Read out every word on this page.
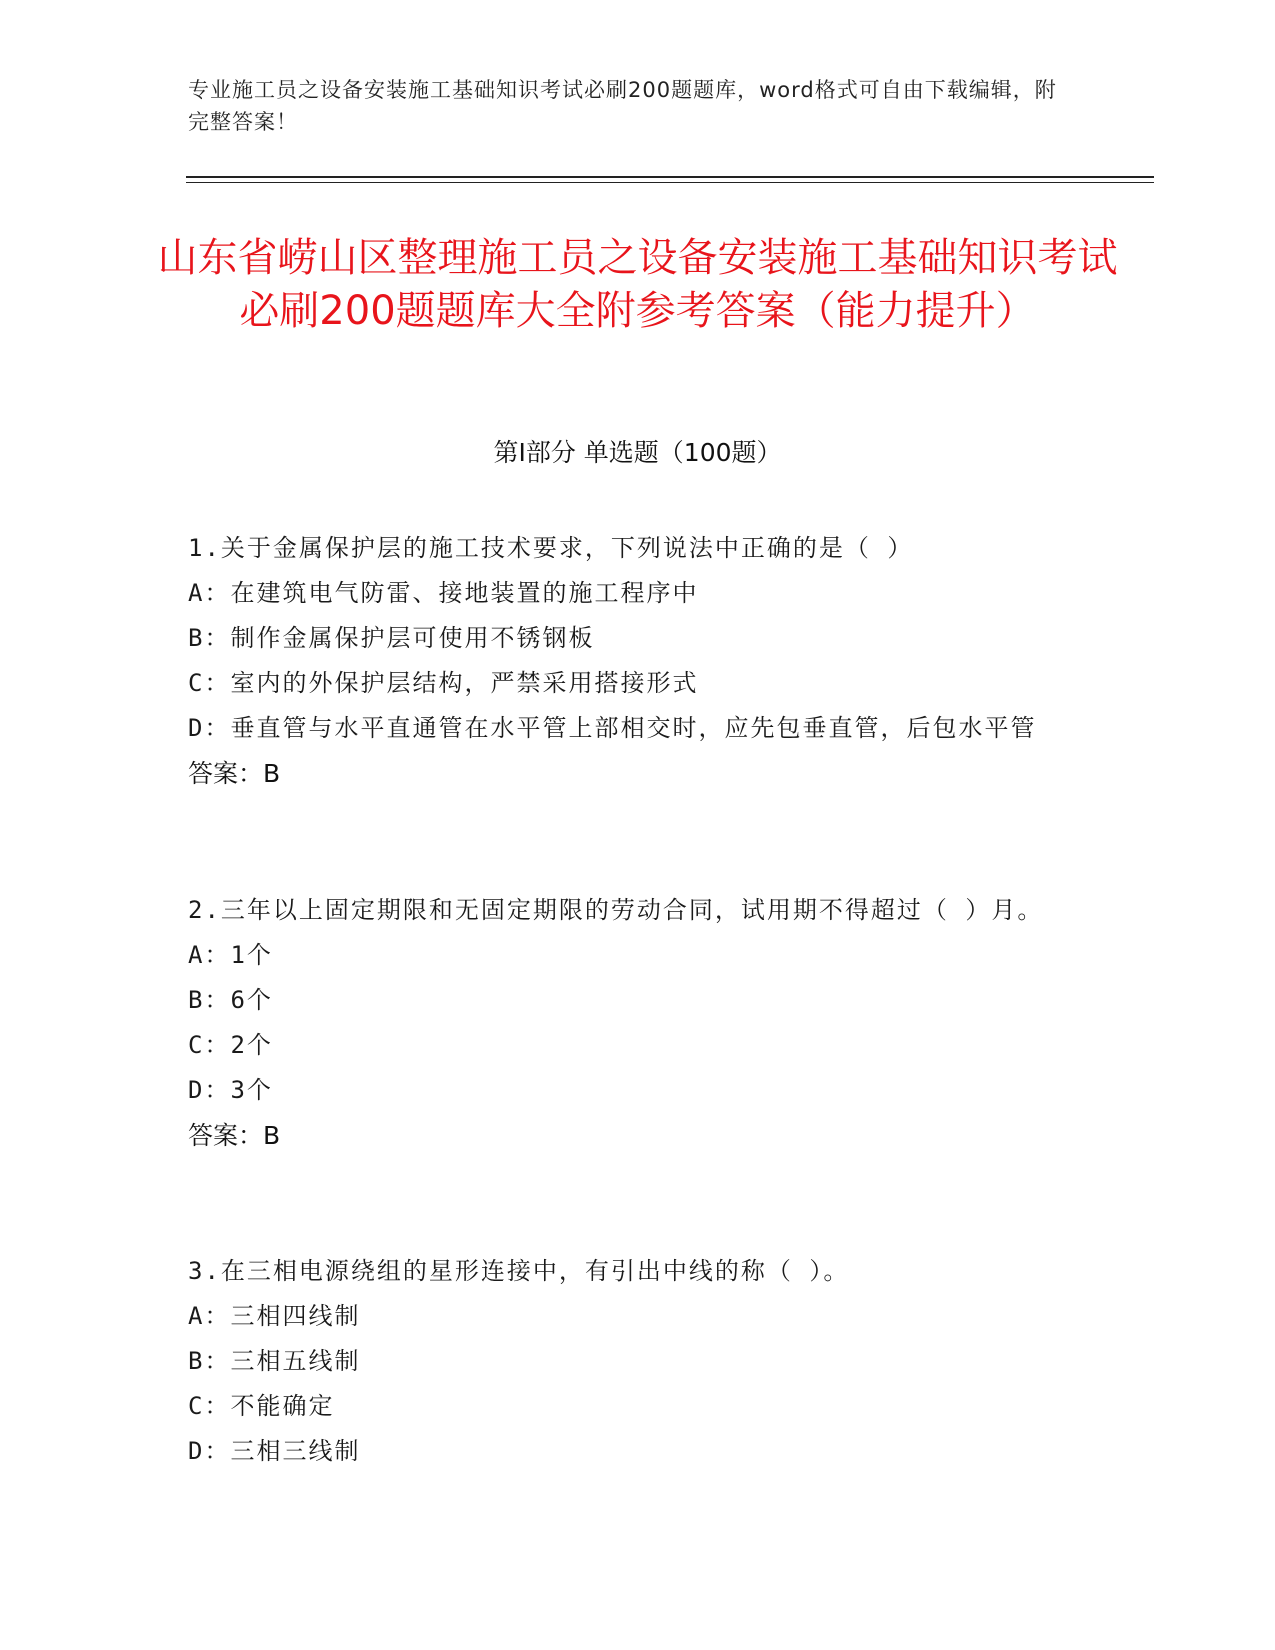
专业施工员之设备安装施工基础知识考试必刷200题题库，word格式可自由下载编辑，附完整答案！
山东省崂山区整理施工员之设备安装施工基础知识考试必刷200题题库大全附参考答案（能力提升）
第Ⅰ部分 单选题（100题）
1.关于金属保护层的施工技术要求，下列说法中正确的是（ ）
A：在建筑电气防雷、接地装置的施工程序中
B：制作金属保护层可使用不锈钢板
C：室内的外保护层结构，严禁采用搭接形式
D：垂直管与水平直通管在水平管上部相交时，应先包垂直管，后包水平管
答案：B
2.三年以上固定期限和无固定期限的劳动合同，试用期不得超过（ ）月。
A：1个
B：6个
C：2个
D：3个
答案：B
3.在三相电源绕组的星形连接中，有引出中线的称（ ）。
A：三相四线制
B：三相五线制
C：不能确定
D：三相三线制
